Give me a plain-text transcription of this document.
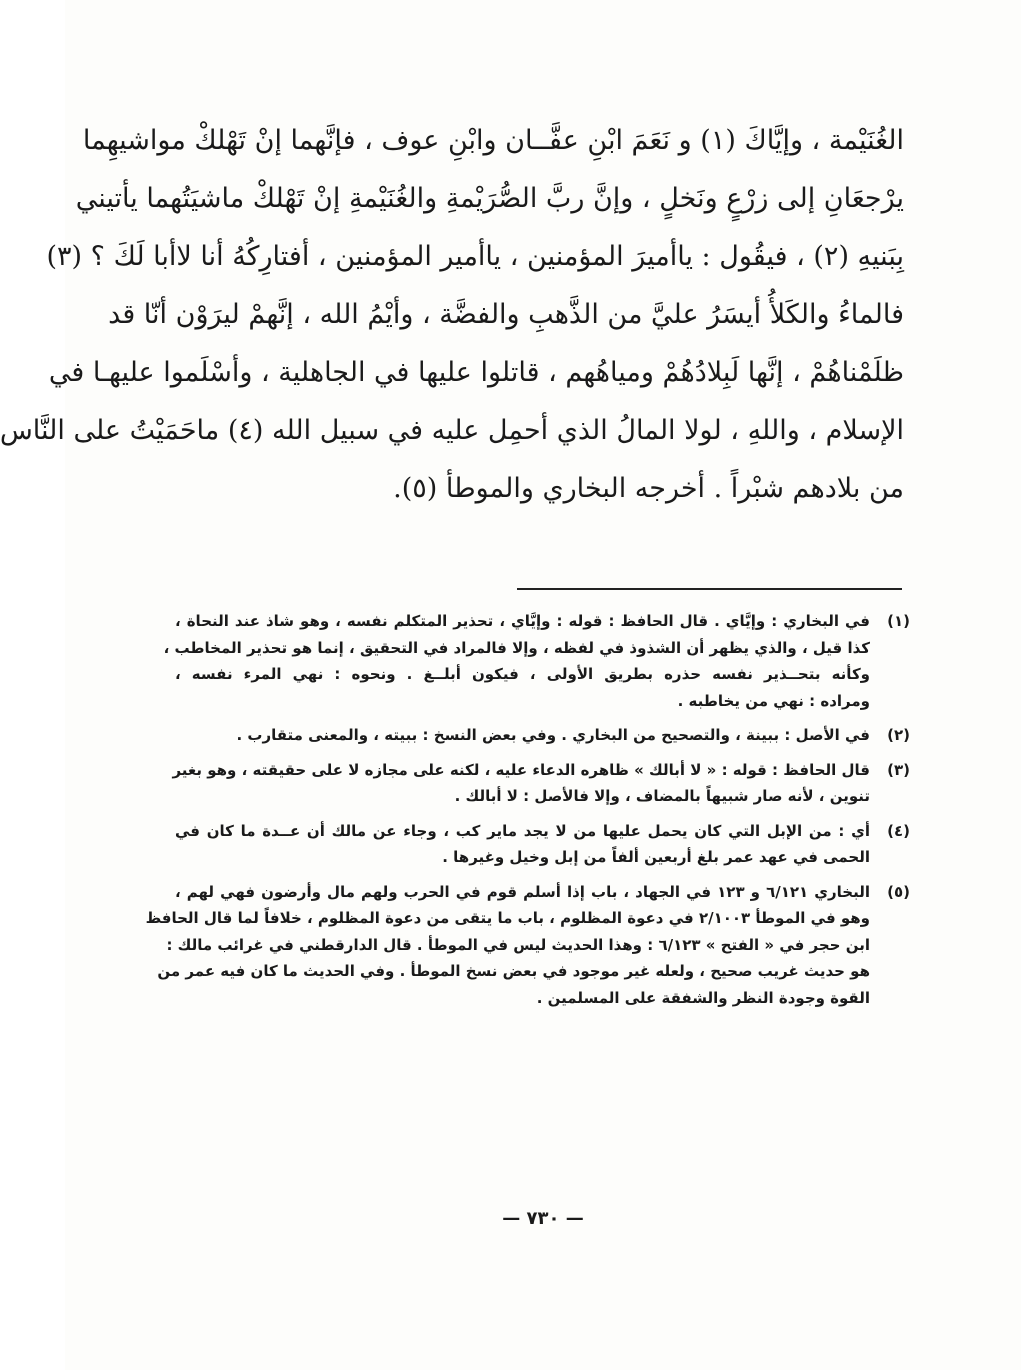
الغُنَيْمة ، وإيَّاكَ (١) و نَعَمَ ابْنِ عفَّــان وابْنِ عوف ، فإنَّهما إنْ تَهْلكْ مواشيهِما
يرْجعَانِ إلى زرْعٍ ونَخلٍ ، وإنَّ ربَّ الصُّرَيْمةِ والغُنَيْمةِ إنْ تَهْلكْ ماشيَتُهما يأتيني
بِبَنيهِ (٢) ، فيقُول : ياأميرَ المؤمنين ، ياأمير المؤمنين ، أفتارِكُهُ أنا لاأبا لَكَ ؟ (٣)
فالماءُ والكَلأُ أيسَرُ عليَّ من الذَّهبِ والفضَّة ، وأيْمُ الله ، إنَّهمْ ليرَوْن أنّا قد
ظلَمْناهُمْ ، إنَّها لَبِلادُهُمْ ومياهُهم ، قاتلوا عليها في الجاهلية ، وأسْلَموا عليهـا في
الإسلام ، واللهِ ، لولا المالُ الذي أحمِل عليه في سبيل الله (٤) ماحَمَيْتُ على النَّاس
من بلادهم شبْراً . أخرجه البخاري والموطأ (٥).
(١)
في البخاري : وإيَّاي . قال الحافظ : قوله : وإيَّاي ، تحذير المتكلم نفسه ، وهو شاذ عند النحاة ،
كذا قيل ، والذي يظهر أن الشذوذ في لفظه ، وإلا فالمراد في التحقيق ، إنما هو تحذير المخاطب ،
وكأنه بتحــذير نفسه حذره بطريق الأولى ، فيكون أبلــغ . ونحوه : نهي المرء نفسه ،
ومراده : نهي من يخاطبه .
(٢)
في الأصل : ببينة ، والتصحيح من البخاري . وفي بعض النسخ : ببيته ، والمعنى متقارب .
(٣)
قال الحافظ : قوله : « لا أبالك » ظاهره الدعاء عليه ، لكنه على مجازه لا على حقيقته ، وهو بغير
تنوين ، لأنه صار شبيهاً بالمضاف ، وإلا فالأصل : لا أبالك .
(٤)
أي : من الإبل التي كان يحمل عليها من لا يجد ماير كب ، وجاء عن مالك أن عــدة ما كان في
الحمى في عهد عمر بلغ أربعين ألفاً من إبل وخيل وغيرها .
(٥)
البخاري ٦/١٢١ و ١٢٣ في الجهاد ، باب إذا أسلم قوم في الحرب ولهم مال وأرضون فهي لهم ،
وهو في الموطأ ٢/١٠٠٣ في دعوة المظلوم ، باب ما يتقى من دعوة المظلوم ، خلافاً لما قال الحافظ
ابن حجر في « الفتح » ٦/١٢٣ : وهذا الحديث ليس في الموطأ . قال الدارقطني في غرائب مالك :
هو حديث غريب صحيح ، ولعله غير موجود في بعض نسخ الموطأ . وفي الحديث ما كان فيه عمر من
القوة وجودة النظر والشفقة على المسلمين .
— ٧٣٠ —
